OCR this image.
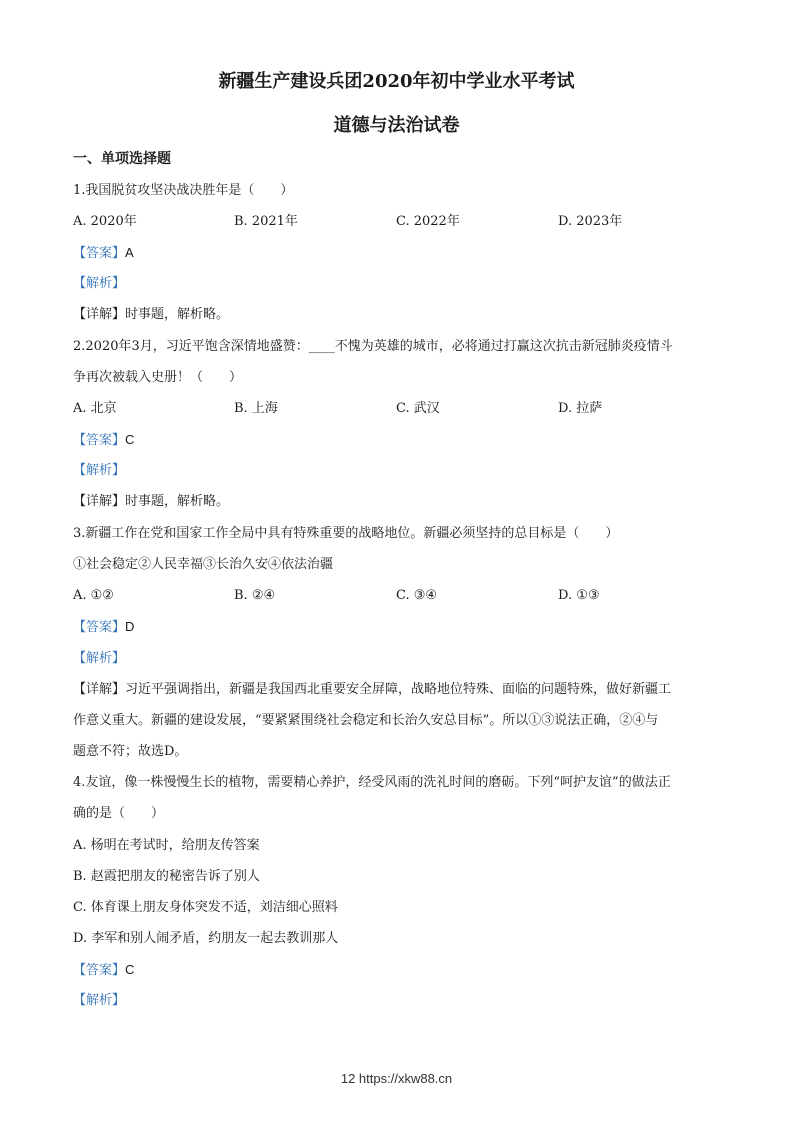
新疆生产建设兵团2020年初中学业水平考试
道德与法治试卷
一、单项选择题
1.我国脱贫攻坚决战决胜年是（　　）
A. 2020年	B. 2021年	C. 2022年	D. 2023年
【答案】A
【解析】
【详解】时事题，解析略。
2.2020年3月，习近平饱含深情地盛赞：____不愧为英雄的城市，必将通过打赢这次抗击新冠肺炎疫情斗
争再次被载入史册！（　　）
A. 北京	B. 上海	C. 武汉	D. 拉萨
【答案】C
【解析】
【详解】时事题，解析略。
3.新疆工作在党和国家工作全局中具有特殊重要的战略地位。新疆必须坚持的总目标是（　　）
①社会稳定②人民幸福③长治久安④依法治疆
A. ①②	B. ②④	C. ③④	D. ①③
【答案】D
【解析】
【详解】习近平强调指出，新疆是我国西北重要安全屏障，战略地位特殊、面临的问题特殊，做好新疆工
作意义重大。新疆的建设发展，“要紧紧围绕社会稳定和长治久安总目标”。所以①③说法正确，②④与
题意不符；故选D。
4.友谊，像一株慢慢生长的植物，需要精心养护，经受风雨的洗礼时间的磨砺。下列“呵护友谊”的做法正
确的是（　　）
A. 杨明在考试时，给朋友传答案
B. 赵霞把朋友的秘密告诉了别人
C. 体育课上朋友身体突发不适，刘洁细心照料
D. 李军和别人闹矛盾，约朋友一起去教训那人
【答案】C
【解析】
12 https://xkw88.cn
